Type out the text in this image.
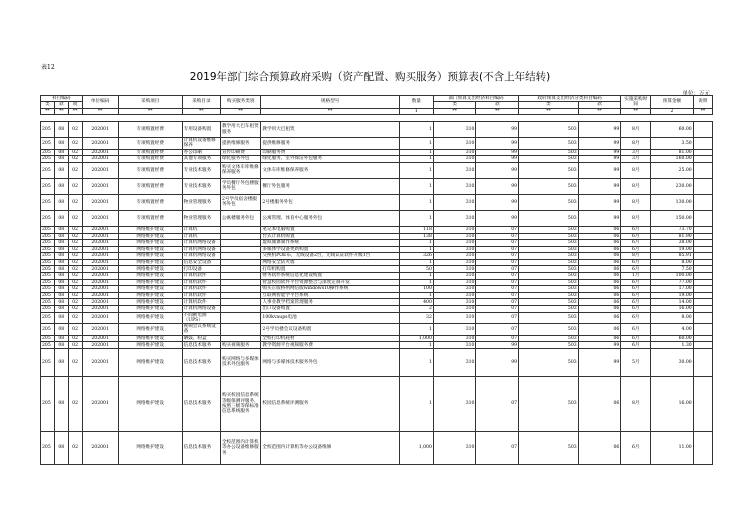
表12
2019年部门综合预算政府采购（资产配置、购买服务）预算表(不含上年结转)
单位：万元
科目编码			单位编码	采购项目	采购目录	购买服务类别	规格型号	数量	部门预算支出经济科目编码		政府预算支出经济分类科目编码		实施采购时间	预算金额	说明
类	款	项							类	款	类	款			
**	**	**	**	**	**	**	**	1	**	**	**	**	**	2	**

205	08	02	202001	专项购置经费	专用设备购置	教学用大巴车租赁服务	教学用大巴租赁	1	310	99	503	99	8月	60.00	
205	08	02	202001	专项购置经费	计算机设备维修保养	提供维修服务	提供维修服务	1	310	99	503	99	8月	3.50	
205	08	02	202001	专项购置经费	办公印刷	宣传印刷费	印刷服务费	1	310	99	503	99	3月	81.00	
205	08	02	202001	专项购置经费	其他专项服务	绿化服务外包	绿化服务，室外保洁外包服务	1	310	99	503	99	3月	160.00	
205	08	02	202001	专项购置经费	专业技术服务	购买文体车库维修保养服务	文体车库维修保养服务	1	310	99	503	99	8月	25.00	
205	08	02	202001	专项购置经费	专业技术服务	学员餐厅外包楼服务外包	餐厅外包服务	1	310	99	503	99	8月	230.00	
205	08	02	202001	专项购置经费	物业管理服务	2号学员宿舍楼服务外包	2号楼服务外包	1	310	99	503	99	8月	130.00	
205	08	02	202001	专项购置经费	物业管理服务	公寓楼服务外包	公寓管理、体育中心服务外包	1	310	99	503	99	8月	150.00	
205	08	02	202001	网络维护建设	计算机		笔记本电脑购置	118	310	07	503	06	6月	73.70	
205	08	02	202001	网络维护建设	计算机		台式计算机购置	138	310	07	503	06	6月	81.90	
205	08	02	202001	网络维护建设	计算机网络设备		虚拟微课制作系统	1	310	07	503	06	6月	38.00	
205	08	02	202001	网络维护建设	计算机网络设备		多媒体学设备更新购置	1	310	07	503	06	6月	19.00	
205	08	02	202001	网络维护建设	计算机网络设备		交换机POE布，无线设备2台，无线认证软件升级1台	326	310	07	503	06	8月	85.91	
205	08	02	202001	网络维护建设	信息安全设备		网络安全防火墙	1	310	07	503	06	6月	8.00	
205	08	02	202001	网络维护建设	打印设备		打印机购置	50	310	07	503	06	6月	7.50	
205	08	02	202001	网络维护建设	计算机软件		财务软件系统信息化建设购置	1	310	07	503	06	1月	100.00	
205	08	02	202001	网络维护建设	计算机软件		智慧校园软件平台资源整合与深度定制开发	1	310	07	503	06	6月	77.00	
205	08	02	202001	网络维护建设	计算机软件		购买正版桥州网信版windows10操作系统	100	310	07	503	06	6月	17.00	
205	08	02	202001	网络维护建设	计算机软件		互联网智能学平台系统	1	310	07	503	06	6月	19.00	
205	08	02	202001	网络维护建设	计算机软件		人事业教学档案管理服务	400	310	07	503	06	6月	14.00	
205	08	02	202001	网络维护建设	计算机网络设备		出口设备购置	2	310	07	503	06	6月	16.00	
205	08	02	202001	网络维护建设	不间断电源（UPS）		100kvaups电池	32	310	07	503	06	6月	8.00	
205	08	02	202001	网络维护建设	视频会议系统设备		2号学员楼会议设备购置	1	310	07	503	06	6月	4.00	
205	08	02	202001	网络维护建设	硒鼓、粉盒		全校打印机耗材	1,000	310	07	503	06	6月	60.00	
205	08	02	202001	网络维护建设	信息技术服务	购买视频服务	教学资源平台视频服务费	1	310	99	503	99	6月	1.30	
205	08	02	202001	网络维护建设	信息技术服务	购买网络与多媒体技术外包服务	网络与多媒体技术服务外包	1	310	99	503	99	5月	30.00	
205	08	02	202001	网络维护建设	信息技术服务	购买校园信息系统等级保测评服务，按照三级等保标准信息系统服务	校园信息系统评测服务	1	310	07	503	06	8月	16.00	
205	08	02	202001	网络维护建设	信息技术服务	全校范围内计算机等办公设备维修服务	全校范围内计算机等办公设备维修	1,000	310	07	503	06	6月	11.00	
